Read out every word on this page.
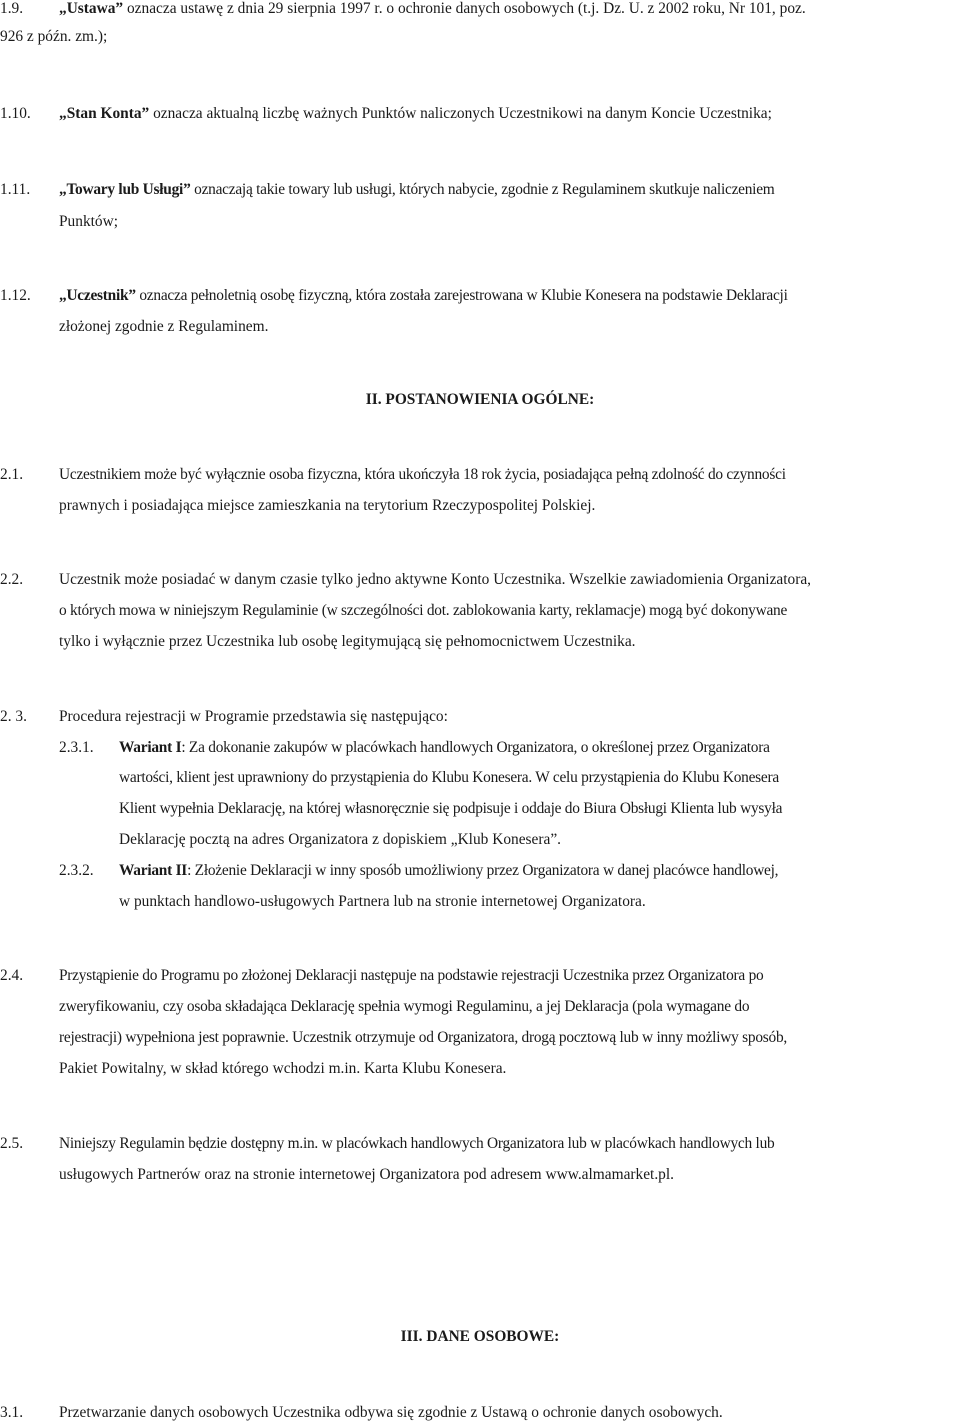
1.9. „Ustawa” oznacza ustawę z dnia 29 sierpnia 1997 r. o ochronie danych osobowych (t.j. Dz. U. z 2002 roku, Nr 101, poz.
926 z późn. zm.);
1.10. „Stan Konta” oznacza aktualną liczbę ważnych Punktów naliczonych Uczestnikowi na danym Koncie Uczestnika;
1.11. „Towary lub Usługi” oznaczają takie towary lub usługi, których nabycie, zgodnie z Regulaminem skutkuje naliczeniem
Punktów;
1.12. „Uczestnik” oznacza pełnoletnią osobę fizyczną, która została zarejestrowana w Klubie Konesera na podstawie Deklaracji
złożonej zgodnie z Regulaminem.
II. POSTANOWIENIA OGÓLNE:
2.1. Uczestnikiem może być wyłącznie osoba fizyczna, która ukończyła 18 rok życia, posiadająca pełną zdolność do czynności
prawnych i posiadająca miejsce zamieszkania na terytorium Rzeczypospolitej Polskiej.
2.2. Uczestnik może posiadać w danym czasie tylko jedno aktywne Konto Uczestnika. Wszelkie zawiadomienia Organizatora,
o których mowa w niniejszym Regulaminie (w szczególności dot. zablokowania karty, reklamacje) mogą być dokonywane
tylko i wyłącznie przez Uczestnika lub osobę legitymującą się pełnomocnictwem Uczestnika.
2. 3. Procedura rejestracji w Programie przedstawia się następująco:
2.3.1. Wariant I: Za dokonanie zakupów w placówkach handlowych Organizatora, o określonej przez Organizatora
wartości, klient jest uprawniony do przystąpienia do Klubu Konesera. W celu przystąpienia do Klubu Konesera
Klient wypełnia Deklarację, na której własnoręcznie się podpisuje i oddaje do Biura Obsługi Klienta lub wysyła
Deklarację pocztą na adres Organizatora z dopiskiem „Klub Konesera”.
2.3.2. Wariant II: Złożenie Deklaracji w inny sposób umożliwiony przez Organizatora w danej placówce handlowej,
w punktach handlowo-usługowych Partnera lub na stronie internetowej Organizatora.
2.4. Przystąpienie do Programu po złożonej Deklaracji następuje na podstawie rejestracji Uczestnika przez Organizatora po
zweryfikowaniu, czy osoba składająca Deklarację spełnia wymogi Regulaminu, a jej Deklaracja (pola wymagane do
rejestracji) wypełniona jest poprawnie. Uczestnik otrzymuje od Organizatora, drogą pocztową lub w inny możliwy sposób,
Pakiet Powitalny, w skład którego wchodzi m.in. Karta Klubu Konesera.
2.5. Niniejszy Regulamin będzie dostępny m.in. w placówkach handlowych Organizatora lub w placówkach handlowych lub
usługowych Partnerów oraz na stronie internetowej Organizatora pod adresem www.almamarket.pl.
III. DANE OSOBOWE:
3.1. Przetwarzanie danych osobowych Uczestnika odbywa się zgodnie z Ustawą o ochronie danych osobowych.
